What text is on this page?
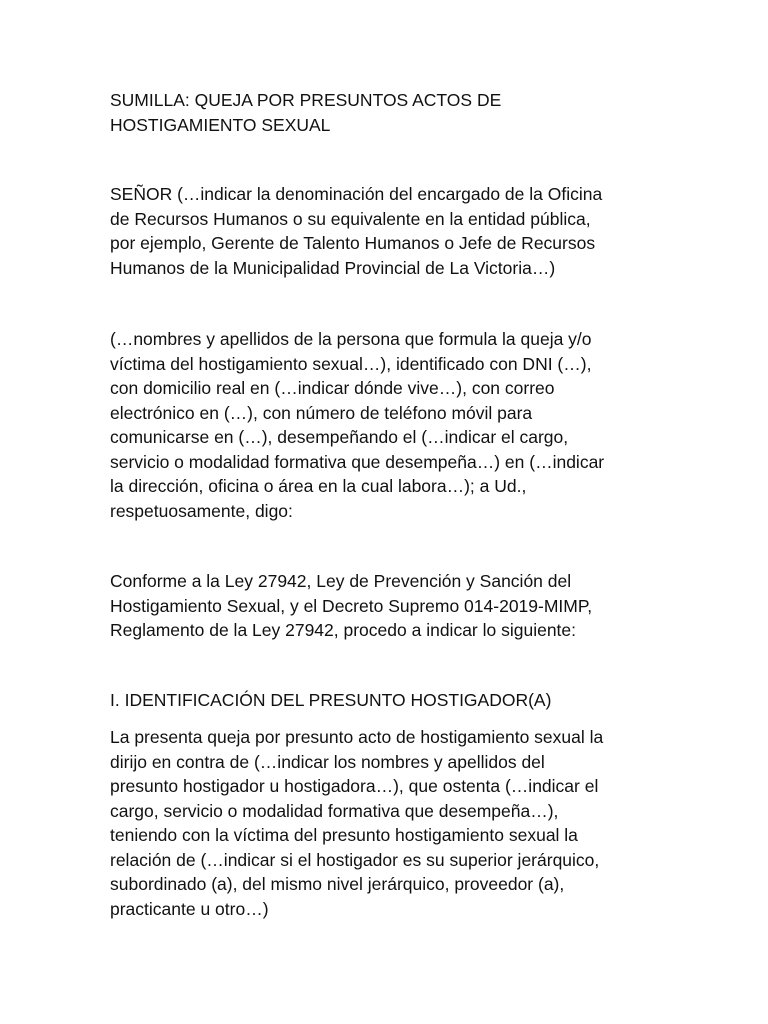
SUMILLA: QUEJA POR PRESUNTOS ACTOS DE
HOSTIGAMIENTO SEXUAL
SEÑOR (…indicar la denominación del encargado de la Oficina
de Recursos Humanos o su equivalente en la entidad pública,
por ejemplo, Gerente de Talento Humanos o Jefe de Recursos
Humanos de la Municipalidad Provincial de La Victoria…)
(…nombres y apellidos de la persona que formula la queja y/o
víctima del hostigamiento sexual…), identificado con DNI (…),
con domicilio real en (…indicar dónde vive…), con correo
electrónico en (…), con número de teléfono móvil para
comunicarse en (…), desempeñando el (…indicar el cargo,
servicio o modalidad formativa que desempeña…) en (…indicar
la dirección, oficina o área en la cual labora…); a Ud.,
respetuosamente, digo:
Conforme a la Ley 27942, Ley de Prevención y Sanción del
Hostigamiento Sexual, y el Decreto Supremo 014-2019-MIMP,
Reglamento de la Ley 27942, procedo a indicar lo siguiente:
I. IDENTIFICACIÓN DEL PRESUNTO HOSTIGADOR(A)
La presenta queja por presunto acto de hostigamiento sexual la
dirijo en contra de (…indicar los nombres y apellidos del
presunto hostigador u hostigadora…), que ostenta (…indicar el
cargo, servicio o modalidad formativa que desempeña…),
teniendo con la víctima del presunto hostigamiento sexual la
relación de (…indicar si el hostigador es su superior jerárquico,
subordinado (a), del mismo nivel jerárquico, proveedor (a),
practicante u otro…)
